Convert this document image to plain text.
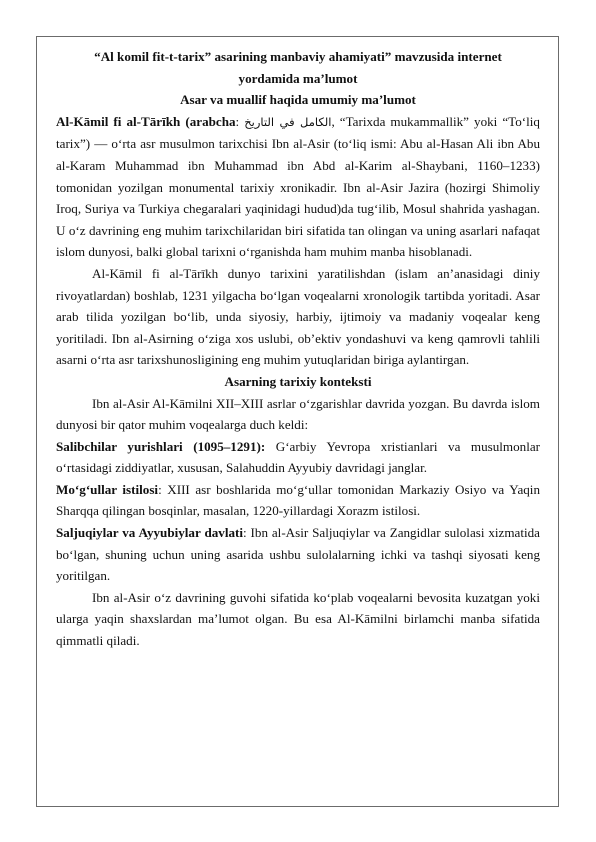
“Al komil fit-t-tarix” asarining manbaviy ahamiyati” mavzusida internet
yordamida ma’lumot

Asar va muallif haqida umumiy ma’lumot

Al-Kāmil fi al-Tārīkh (arabcha: الكامل في التاريخ, “Tarixda mukammallik” yoki “To‘liq tarix”) — o‘rta asr musulmon tarixchisi Ibn al-Asir (to‘liq ismi: Abu al-Hasan Ali ibn Abu al-Karam Muhammad ibn Muhammad ibn Abd al-Karim al-Shaybani, 1160–1233) tomonidan yozilgan monumental tarixiy xronikadir. Ibn al-Asir Jazira (hozirgi Shimoliy Iroq, Suriya va Turkiya chegaralari yaqinidagi hudud)da tug‘ilib, Mosul shahrida yashagan. U o‘z davrining eng muhim tarixchilaridan biri sifatida tan olingan va uning asarlari nafaqat islom dunyosi, balki global tarixni o‘rganishda ham muhim manba hisoblanadi.

Al-Kāmil fi al-Tārīkh dunyo tarixini yaratilishdan (islam an’anasidagi diniy rivoyatlardan) boshlab, 1231 yilgacha bo‘lgan voqealarni xronologik tartibda yoritadi. Asar arab tilida yozilgan bo‘lib, unda siyosiy, harbiy, ijtimoiy va madaniy voqealar keng yoritiladi. Ibn al-Asirning o‘ziga xos uslubi, ob’ektiv yondashuvi va keng qamrovli tahlili asarni o‘rta asr tarixshunosligining eng muhim yutuqlaridan biriga aylantirgan.

Asarning tarixiy konteksti

Ibn al-Asir Al-Kāmilni XII–XIII asrlar o‘zgarishlar davrida yozgan. Bu davrda islom dunyosi bir qator muhim voqealarga duch keldi:

Salibchilar yurishlari (1095–1291): G‘arbiy Yevropa xristianlari va musulmonlar o‘rtasidagi ziddiyatlar, xususan, Salahuddin Ayyubiy davridagi janglar.

Mo‘g‘ullar istilosi: XIII asr boshlarida mo‘g‘ullar tomonidan Markaziy Osiyo va Yaqin Sharqqa qilingan bosqinlar, masalan, 1220-yillardagi Xorazm istilosi.

Saljuqiylar va Ayyubiylar davlati: Ibn al-Asir Saljuqiylar va Zangidlar sulolasi xizmatida bo‘lgan, shuning uchun uning asarida ushbu sulolalarning ichki va tashqi siyosati keng yoritilgan.

Ibn al-Asir o‘z davrining guvohi sifatida ko‘plab voqealarni bevosita kuzatgan yoki ularga yaqin shaxslardan ma’lumot olgan. Bu esa Al-Kāmilni birlamchi manba sifatida qimmatli qiladi.
